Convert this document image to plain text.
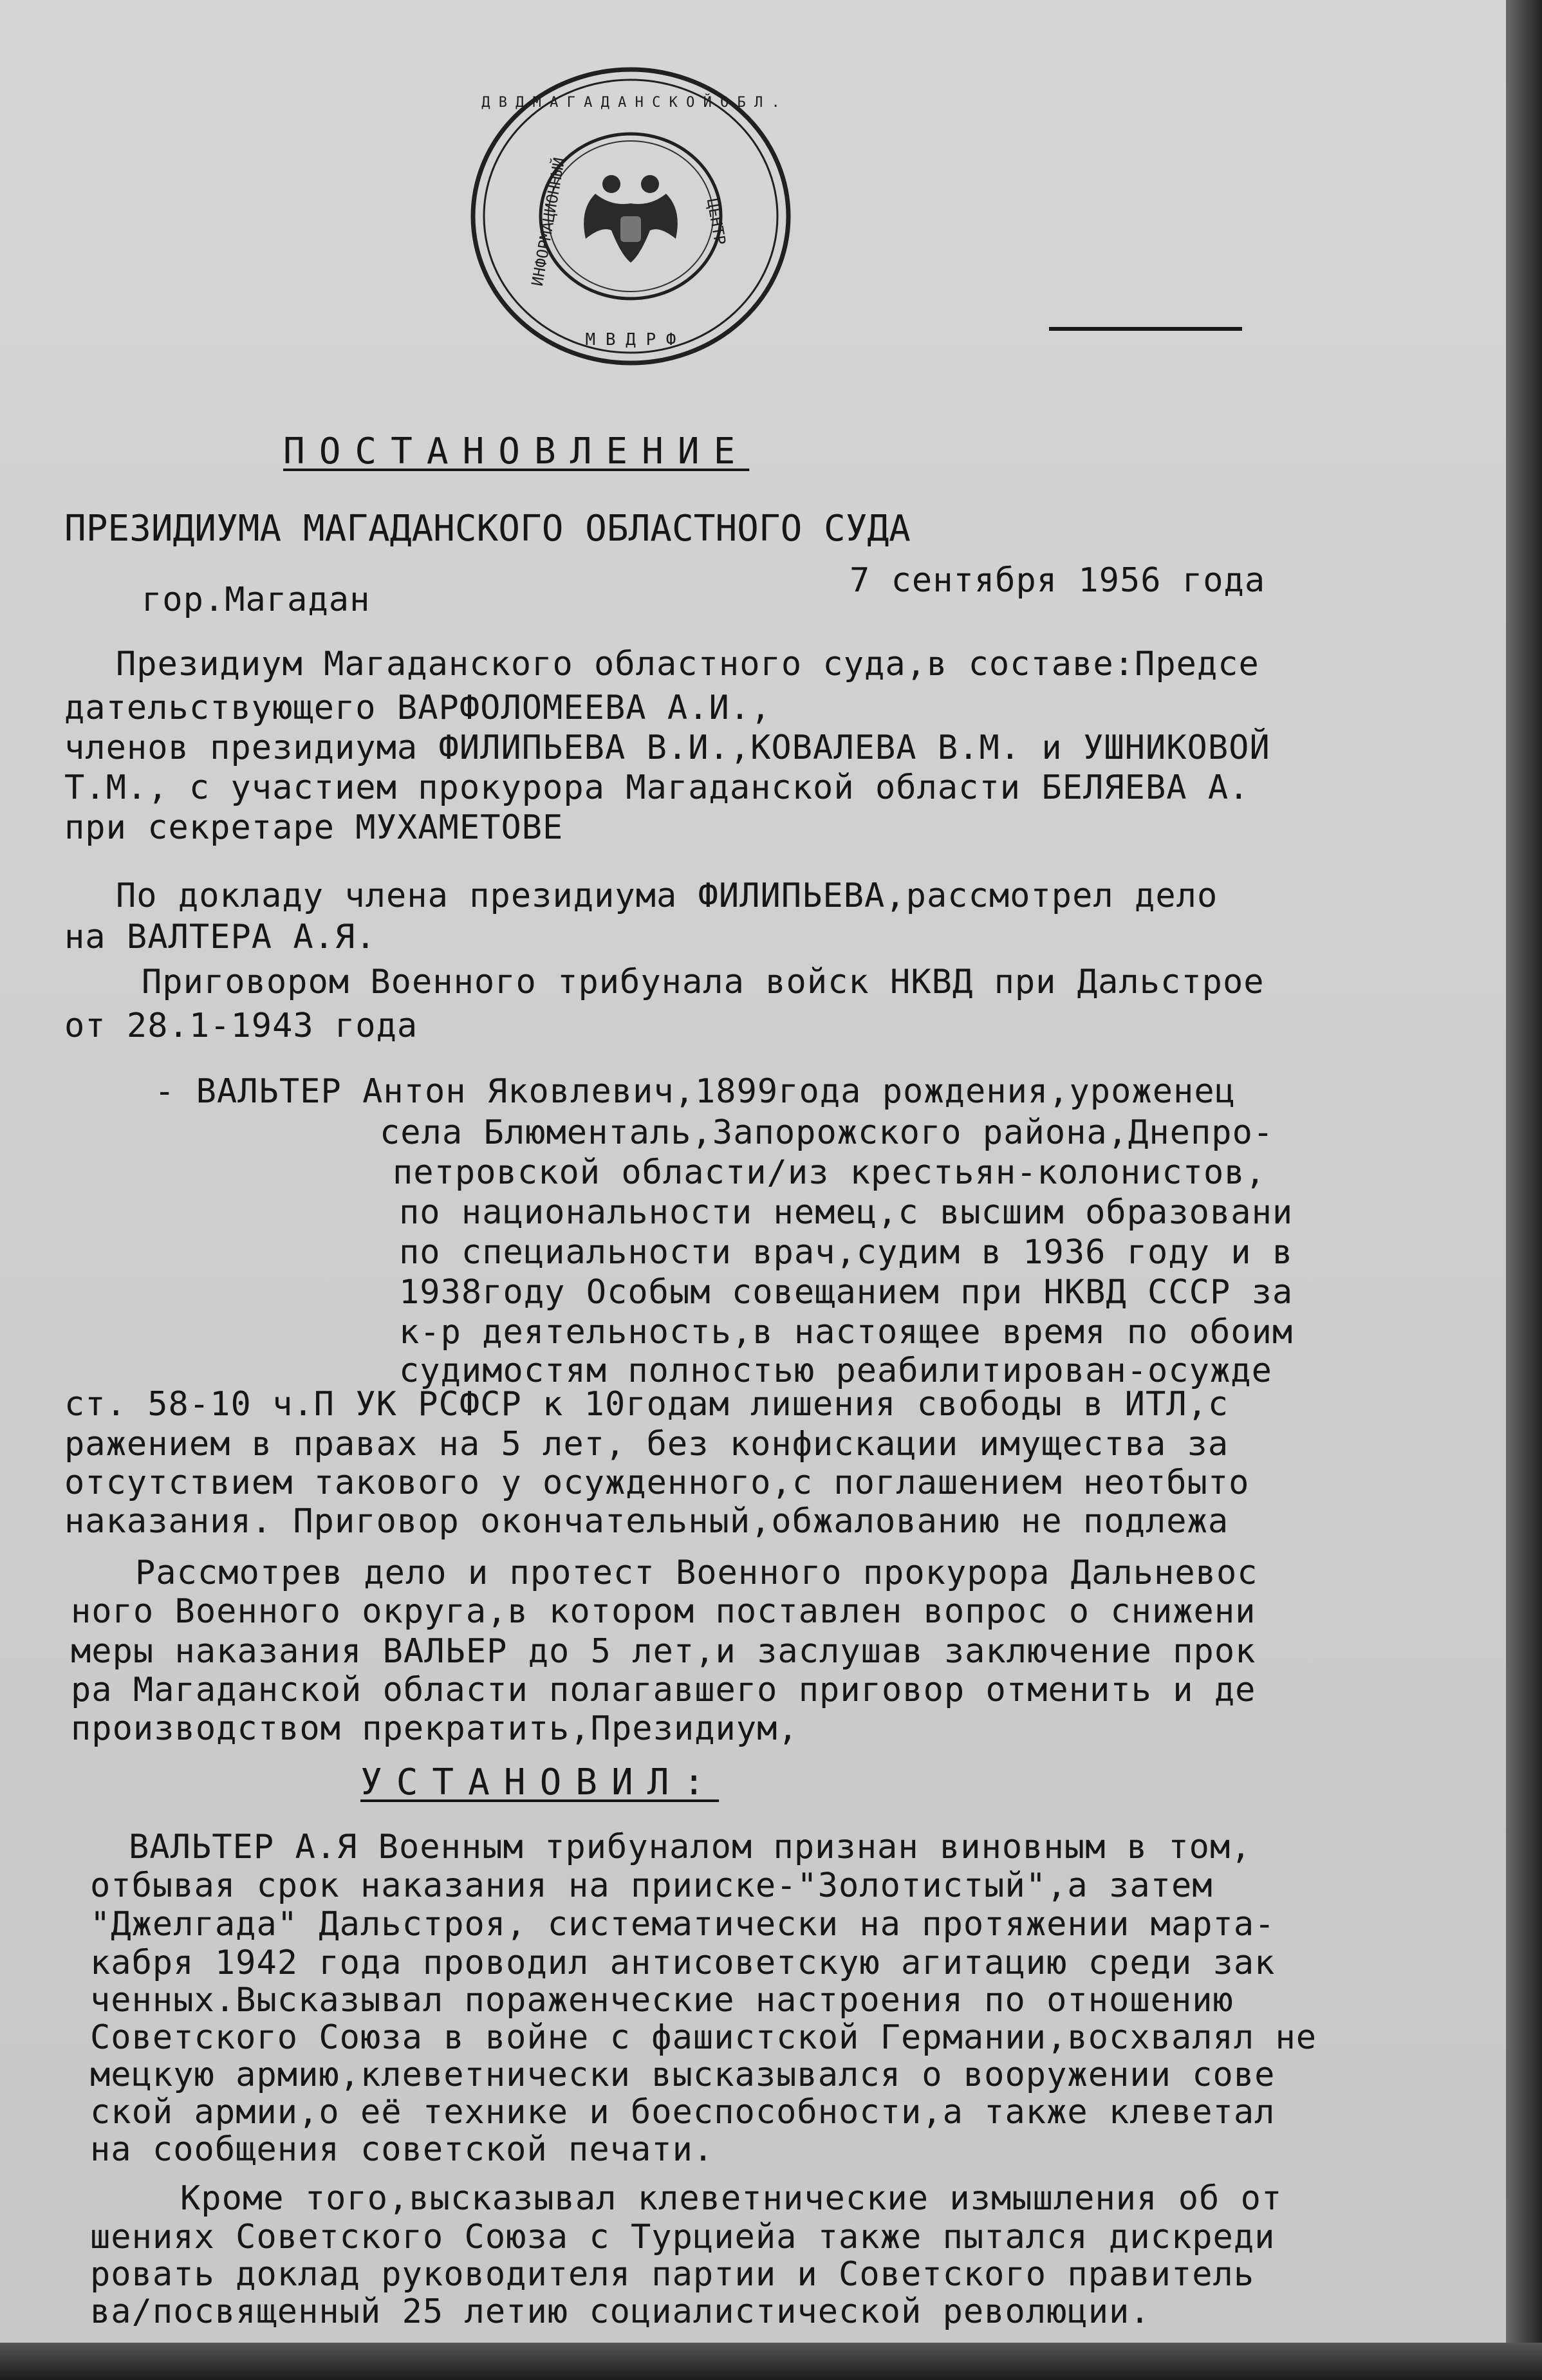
Д В Д М А Г А Д А Н С К О Й О Б Л .
М В Д Р Ф
ИНФОРМАЦИОННЫЙ	ЦЕНТР
ПОСТАНОВЛЕНИЕ
ПРЕЗИДИУМА МАГАДАНСКОГО ОБЛАСТНОГО СУДА
гор.Магадан	7 сентября 1956 года
Президиум Магаданского областного суда,в составе:Предсе
дательствующего ВАРФОЛОМЕЕВА А.И.,
членов президиума ФИЛИПЬЕВА В.И.,КОВАЛЕВА В.М. и УШНИКОВОЙ
Т.М., с участием прокурора Магаданской области БЕЛЯЕВА А.
при секретаре МУХАМЕТОВЕ
По докладу члена президиума ФИЛИПЬЕВА,рассмотрел дело
на ВАЛТЕРА А.Я.
Приговором Военного трибунала войск НКВД при Дальстрое
от 28.1-1943 года
- ВАЛЬТЕР Антон Яковлевич,1899года рождения,уроженец
села Блюменталь,Запорожского района,Днепро-
петровской области/из крестьян-колонистов,
по национальности немец,с высшим образовани
по специальности врач,судим в 1936 году и в
1938году Особым совещанием при НКВД СССР за
к-р деятельность,в настоящее время по обоим
судимостям полностью реабилитирован-осужде
ст. 58-10 ч.П УК РСФСР к 10годам лишения свободы в ИТЛ,с
ражением в правах на 5 лет, без конфискации имущества за
отсутствием такового у осужденного,с поглашением неотбыто
наказания. Приговор окончательный,обжалованию не подлежа
Рассмотрев дело и протест Военного прокурора Дальневос
ного Военного округа,в котором поставлен вопрос о снижени
меры наказания ВАЛЬЕР до 5 лет,и заслушав заключение прок
ра Магаданской области полагавшего приговор отменить и де
производством прекратить,Президиум,
УСТАНОВИЛ:
ВАЛЬТЕР А.Я Военным трибуналом признан виновным в том,
отбывая срок наказания на прииске-"Золотистый",а затем
"Джелгада" Дальстроя, систематически на протяжении марта-
кабря 1942 года проводил антисоветскую агитацию среди зак
ченных.Высказывал пораженческие настроения по отношению
Советского Союза в войне с фашистской Германии,восхвалял не
мецкую армию,клеветнически высказывался о вооружении сове
ской армии,о её технике и боеспособности,а также клеветал
на сообщения советской печати.
Кроме того,высказывал клеветнические измышления об от
шениях Советского Союза с Турциейа также пытался дискреди
ровать доклад руководителя партии и Советского правитель
ва/посвященный 25 летию социалистической революции.
